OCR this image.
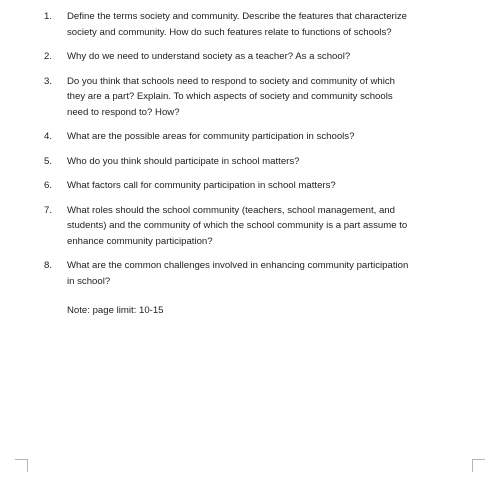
1.	Define the terms society and community. Describe the features that characterize
society and community. How do such features relate to functions of schools?
2.	Why do we need to understand society as a teacher? As a school?
3.	Do you think that schools need to respond to society and community of which
they are a part? Explain. To which aspects of society and community schools
need to respond to? How?
4.	What are the possible areas for community participation in schools?
5.	Who do you think should participate in school matters?
6.	What factors call for community participation in school matters?
7.	What roles should the school community (teachers, school management, and
students) and the community of which the school community is a part assume to
enhance community participation?
8.	What are the common challenges involved in enhancing community participation
in school?
Note: page limit: 10-15
